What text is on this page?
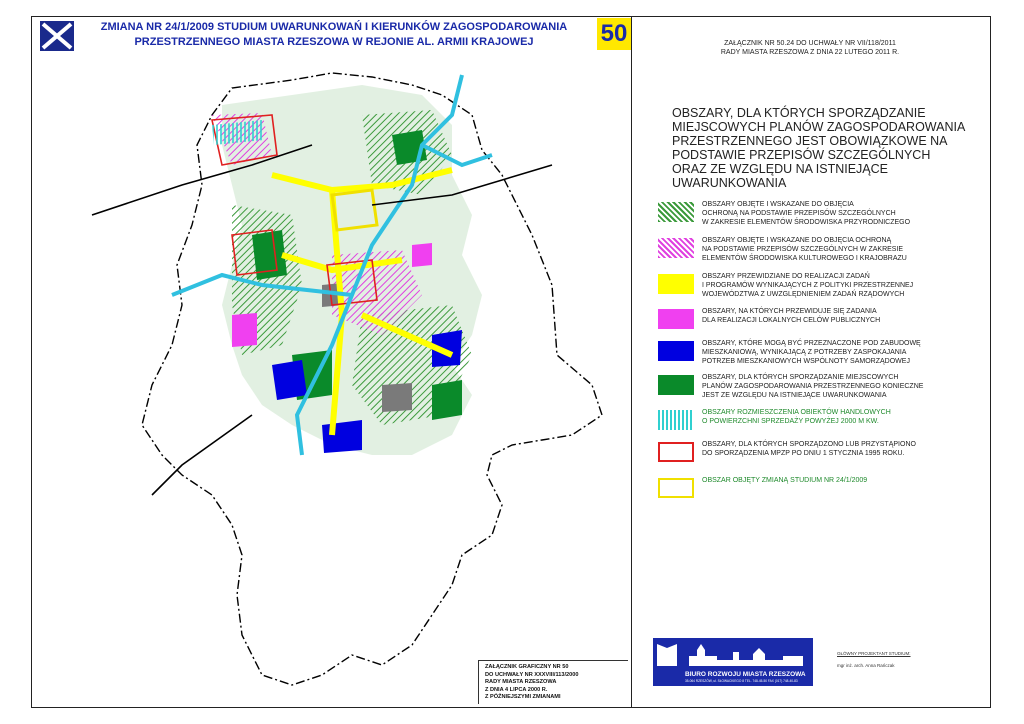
ZMIANA NR 24/1/2009 STUDIUM UWARUNKOWAŃ I KIERUNKÓW ZAGOSPODAROWANIA
PRZESTRZENNEGO MIASTA RZESZOWA W REJONIE AL. ARMII KRAJOWEJ	50	ZAŁĄCZNIK NR 50.24 DO UCHWAŁY NR VII/118/2011
RADY MIASTA RZESZOWA Z DNIA 22 LUTEGO 2011 R.
OBSZARY, DLA KTÓRYCH SPORZĄDZANIE
MIEJSCOWYCH PLANÓW ZAGOSPODAROWANIA
PRZESTRZENNEGO JEST OBOWIĄZKOWE NA
PODSTAWIE PRZEPISÓW SZCZEGÓLNYCH
ORAZ ZE WZGLĘDU NA ISTNIEJĄCE
UWARUNKOWANIA
OBSZARY OBJĘTE I WSKAZANE DO OBJĘCIA
OCHRONĄ NA PODSTAWIE PRZEPISÓW SZCZEGÓLNYCH
W ZAKRESIE ELEMENTÓW ŚRODOWISKA PRZYRODNICZEGO
OBSZARY OBJĘTE I WSKAZANE DO OBJĘCIA OCHRONĄ
NA PODSTAWIE PRZEPISÓW SZCZEGÓLNYCH W ZAKRESIE
ELEMENTÓW ŚRODOWISKA KULTUROWEGO I KRAJOBRAZU
OBSZARY PRZEWIDZIANE DO REALIZACJI ZADAŃ
I PROGRAMÓW WYNIKAJĄCYCH Z POLITYKI PRZESTRZENNEJ
WOJEWÓDZTWA Z UWZGLĘDNIENIEM ZADAŃ RZĄDOWYCH
OBSZARY, NA KTÓRYCH PRZEWIDUJE SIĘ ZADANIA
DLA REALIZACJI LOKALNYCH CELÓW PUBLICZNYCH
OBSZARY, KTÓRE MOGĄ BYĆ PRZEZNACZONE POD ZABUDOWĘ
MIESZKANIOWĄ, WYNIKAJĄCĄ Z POTRZEBY ZASPOKAJANIA
POTRZEB MIESZKANIOWYCH WSPÓLNOTY SAMORZĄDOWEJ
OBSZARY, DLA KTÓRYCH SPORZĄDZANIE MIEJSCOWYCH
PLANÓW ZAGOSPODAROWANIA PRZESTRZENNEGO KONIECZNE
JEST ZE WZGLĘDU NA ISTNIEJĄCE UWARUNKOWANIA
OBSZARY ROZMIESZCZENIA OBIEKTÓW HANDLOWYCH
O POWIERZCHNI SPRZEDAŻY POWYŻEJ 2000 M KW.
OBSZARY, DLA KTÓRYCH SPORZĄDZONO LUB PRZYSTĄPIONO
DO SPORZĄDZENIA MPZP PO DNIU 1 STYCZNIA 1995 ROKU.
OBSZAR OBJĘTY ZMIANĄ STUDIUM NR 24/1/2009
ZAŁĄCZNIK GRAFICZNY NR 50
DO UCHWAŁY NR XXXVIII/113/2000
RADY MIASTA RZESZOWA
Z DNIA 4 LIPCA 2000 R.
Z PÓŹNIEJSZYMI ZMIANAMI
BIURO ROZWOJU MIASTA RZESZOWA
35-064 RZESZÓW, ul. SŁOWACKIEGO 8 TEL. 748-45-50 FAX (017) 748-40-83
GŁÓWNY PROJEKTANT STUDIUM:
mgr inż. arch. Anna Rańczak
